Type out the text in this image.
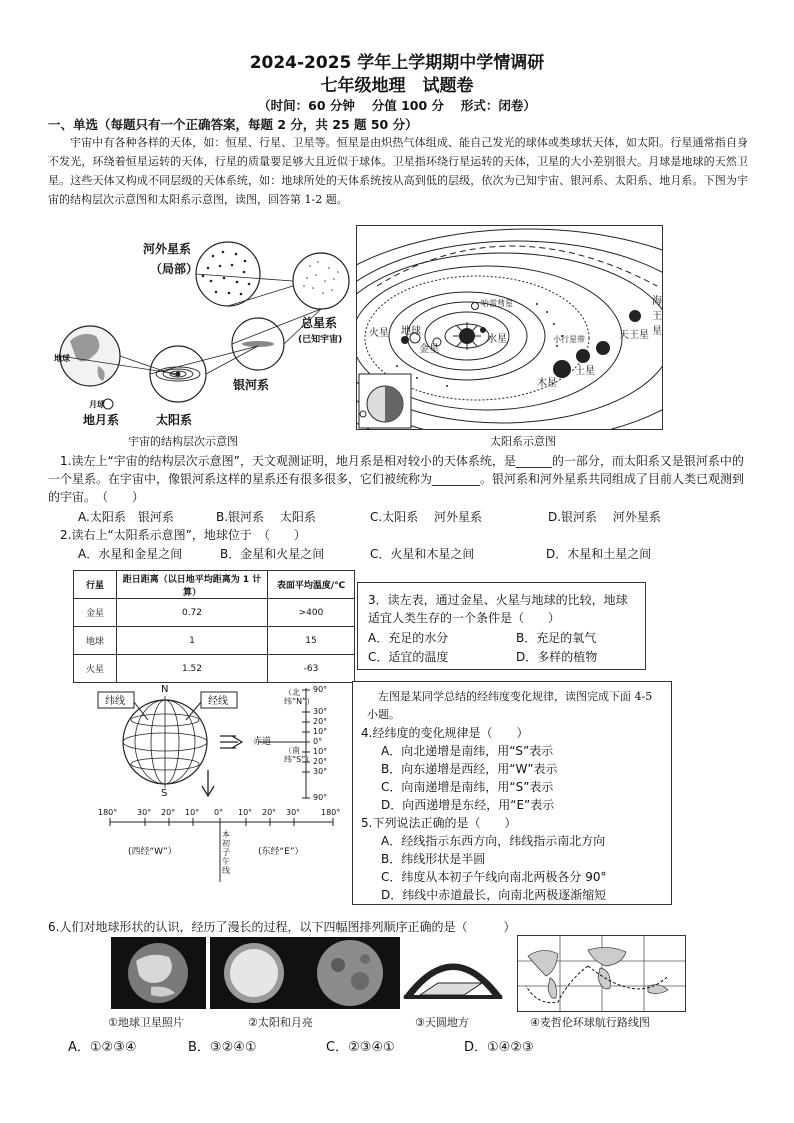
2024-2025 学年上学期期中学情调研
七年级地理　试题卷
（时间：60 分钟　 分值 100 分　 形式：闭卷）
一、单选（每题只有一个正确答案，每题 2 分，共 25 题 50 分）
宇宙中有各种各样的天体，如：恒星、行星、卫星等。恒星是由炽热气体组成、能自己发光的球体或类球状天体，如太阳。行星通常指自身不发光，环绕着恒星运转的天体，行星的质量要足够大且近似于球体。卫星指环绕行星运转的天体，卫星的大小差别很大。月球是地球的天然卫星。这些天体又构成不同层级的天体系统，如：地球所处的天体系统按从高到低的层级，依次为已知宇宙、银河系、太阳系、地月系。下图为宇宙的结构层次示意图和太阳系示意图，读图，回答第 1-2 题。
河外星系
（局部）
总星系
(已知宇宙)
银河系
太阳系
地月系
地球
月球
宇宙的结构层次示意图
海王星
天王星
土星
木星
小行星带
哈雷彗星
火星 地球
金星
水星
太阳系示意图
1.读左上“宇宙的结构层次示意图”，天文观测证明，地月系是相对较小的天体系统，是______的一部分，而太阳系又是银河系中的一个星系。在宇宙中，像银河系这样的星系还有很多很多，它们被统称为________。银河系和河外星系共同组成了目前人类已观测到的宇宙。　（　　）
A.太阳系　银河系	B.银河系　 太阳系	C.太阳系　 河外星系	D.银河系　 河外星系
2.读右上“太阳系示意图”，地球位于　（　　）
A．水星和金星之间	B．金星和火星之间	C．火星和木星之间	D．木星和土星之间
行星	距日距离（以日地平均距离为 1 计算）	表面平均温度/℃
金星	0.72	>400
地球	1	15
火星	1.52	-63
3．读左表，通过金星、火星与地球的比较，地球适宜人类生存的一个条件是（　　）
A．充足的水分	B．充足的氧气
C．适宜的温度	D．多样的植物
纬线	经线
N
S
赤道
（北纬“N”）
（南纬“S”）
90°
30°
20°
10°
0°
10°
20°
30°
90°
180° 30° 20° 10° 0° 10° 20° 30°	180°
(西经“W”）	(东经“E”）
本初子午线
左图是某同学总结的经纬度变化规律，读图完成下面 4-5 小题。
4.经纬度的变化规律是（　　）
A．向北递增是南纬，用“S”表示
B．向东递增是西经，用“W”表示
C．向南递增是南纬，用“S”表示
D．向西递增是东经，用“E”表示
5.下列说法正确的是（　　）
A．经线指示东西方向，纬线指示南北方向
B．纬线形状是半圆
C．纬度从本初子午线向南北两极各分 90°
D．纬线中赤道最长，向南北两极逐渐缩短
6.人们对地球形状的认识，经历了漫长的过程，以下四幅图排列顺序正确的是（　　　）
①地球卫星照片	②太阳和月亮	③天圆地方	④麦哲伦环球航行路线图
A．①②③④	B．③②④①	C．②③④①	D．①④②③
